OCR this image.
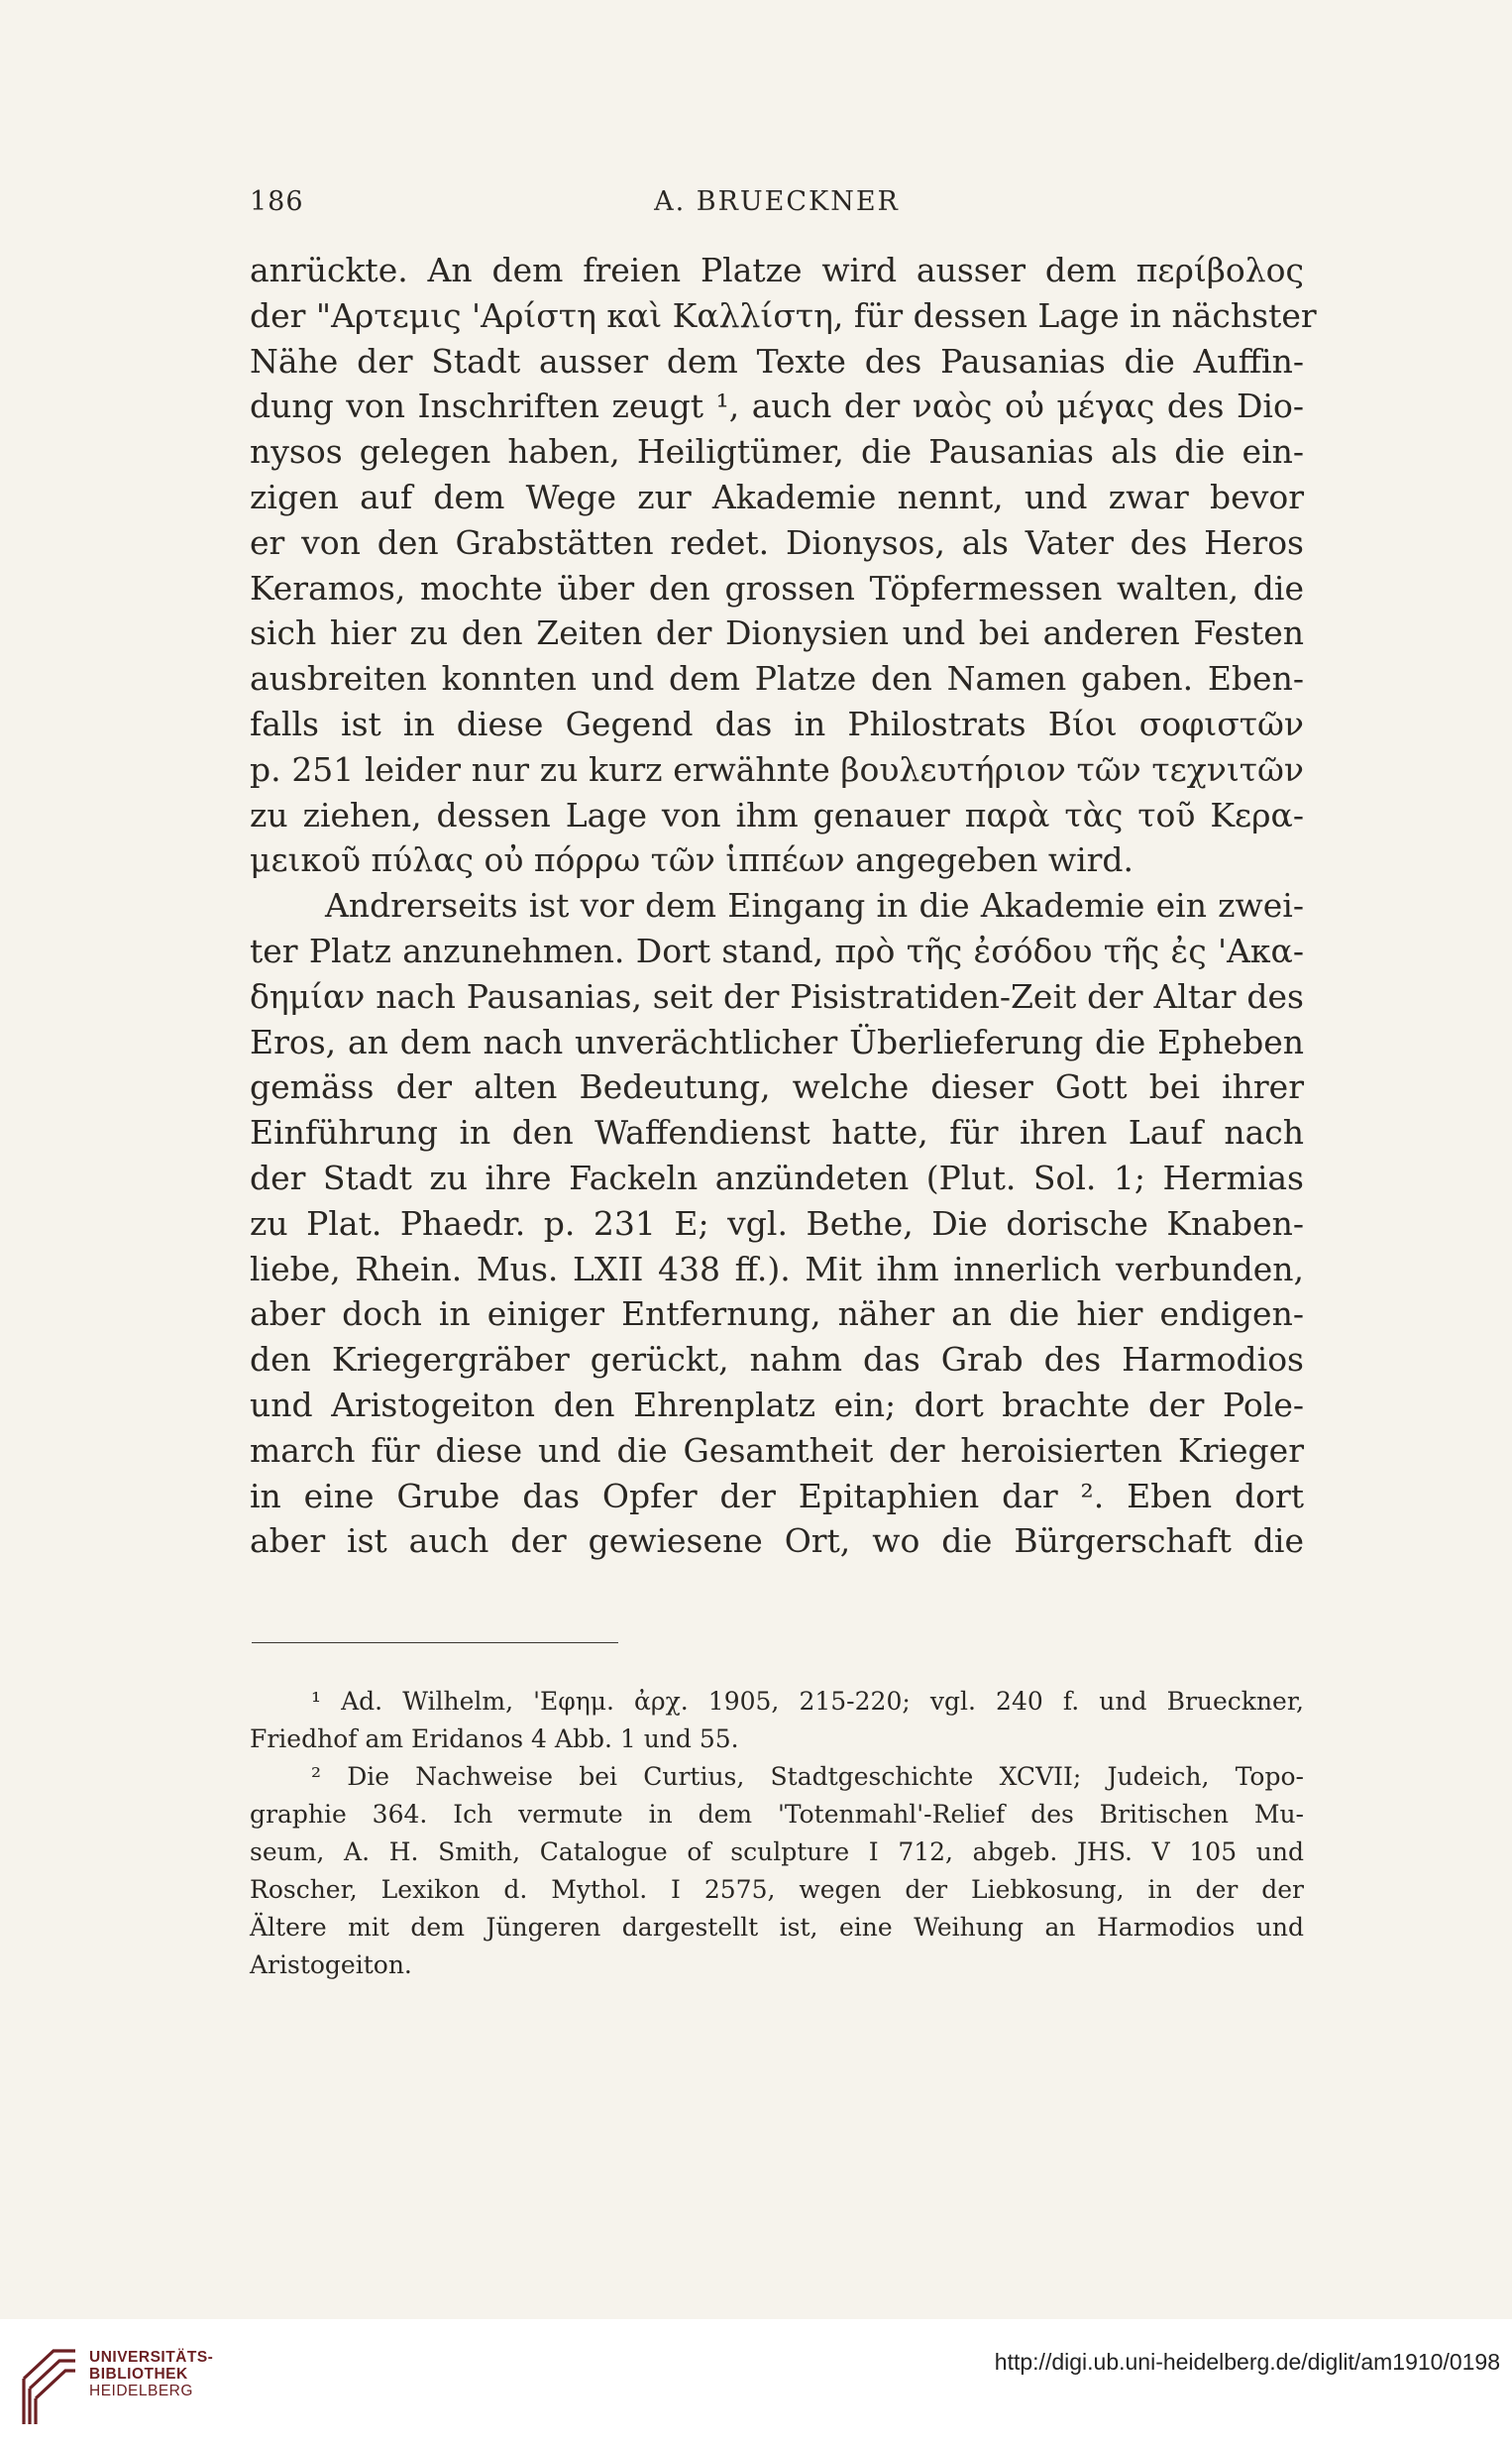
186	A. BRUECKNER
anrückte. An dem freien Platze wird ausser dem περίβολος
der "Αρτεμις 'Αρίστη καὶ Καλλίστη, für dessen Lage in nächster
Nähe der Stadt ausser dem Texte des Pausanias die Auffin-
dung von Inschriften zeugt ¹, auch der ναὸς οὐ μέγας des Dio-
nysos gelegen haben, Heiligtümer, die Pausanias als die ein-
zigen auf dem Wege zur Akademie nennt, und zwar bevor
er von den Grabstätten redet. Dionysos, als Vater des Heros
Keramos, mochte über den grossen Töpfermessen walten, die
sich hier zu den Zeiten der Dionysien und bei anderen Festen
ausbreiten konnten und dem Platze den Namen gaben. Eben-
falls ist in diese Gegend das in Philostrats Βίοι σοφιστῶν
p. 251 leider nur zu kurz erwähnte βουλευτήριον τῶν τεχνιτῶν
zu ziehen, dessen Lage von ihm genauer παρὰ τὰς τοῦ Κερα-
μεικοῦ πύλας οὐ πόρρω τῶν ἱππέων angegeben wird.
Andrerseits ist vor dem Eingang in die Akademie ein zwei-
ter Platz anzunehmen. Dort stand, πρὸ τῆς ἐσόδου τῆς ἐς 'Ακα-
δημίαν nach Pausanias, seit der Pisistratiden-Zeit der Altar des
Eros, an dem nach unverächtlicher Überlieferung die Epheben
gemäss der alten Bedeutung, welche dieser Gott bei ihrer
Einführung in den Waffendienst hatte, für ihren Lauf nach
der Stadt zu ihre Fackeln anzündeten (Plut. Sol. 1; Hermias
zu Plat. Phaedr. p. 231 E; vgl. Bethe, Die dorische Knaben-
liebe, Rhein. Mus. LXII 438 ff.). Mit ihm innerlich verbunden,
aber doch in einiger Entfernung, näher an die hier endigen-
den Kriegergräber gerückt, nahm das Grab des Harmodios
und Aristogeiton den Ehrenplatz ein; dort brachte der Pole-
march für diese und die Gesamtheit der heroisierten Krieger
in eine Grube das Opfer der Epitaphien dar ². Eben dort
aber ist auch der gewiesene Ort, wo die Bürgerschaft die
¹ Ad. Wilhelm, 'Εφημ. ἀρχ. 1905, 215-220; vgl. 240 f. und Brueckner,
Friedhof am Eridanos 4 Abb. 1 und 55.
² Die Nachweise bei Curtius, Stadtgeschichte XCVII; Judeich, Topo-
graphie 364. Ich vermute in dem 'Totenmahl'-Relief des Britischen Mu-
seum, A. H. Smith, Catalogue of sculpture I 712, abgeb. JHS. V 105 und
Roscher, Lexikon d. Mythol. I 2575, wegen der Liebkosung, in der der
Ältere mit dem Jüngeren dargestellt ist, eine Weihung an Harmodios und
Aristogeiton.
UNIVERSITÄTS-
BIBLIOTHEK
HEIDELBERG
http://digi.ub.uni-heidelberg.de/diglit/am1910/0198
